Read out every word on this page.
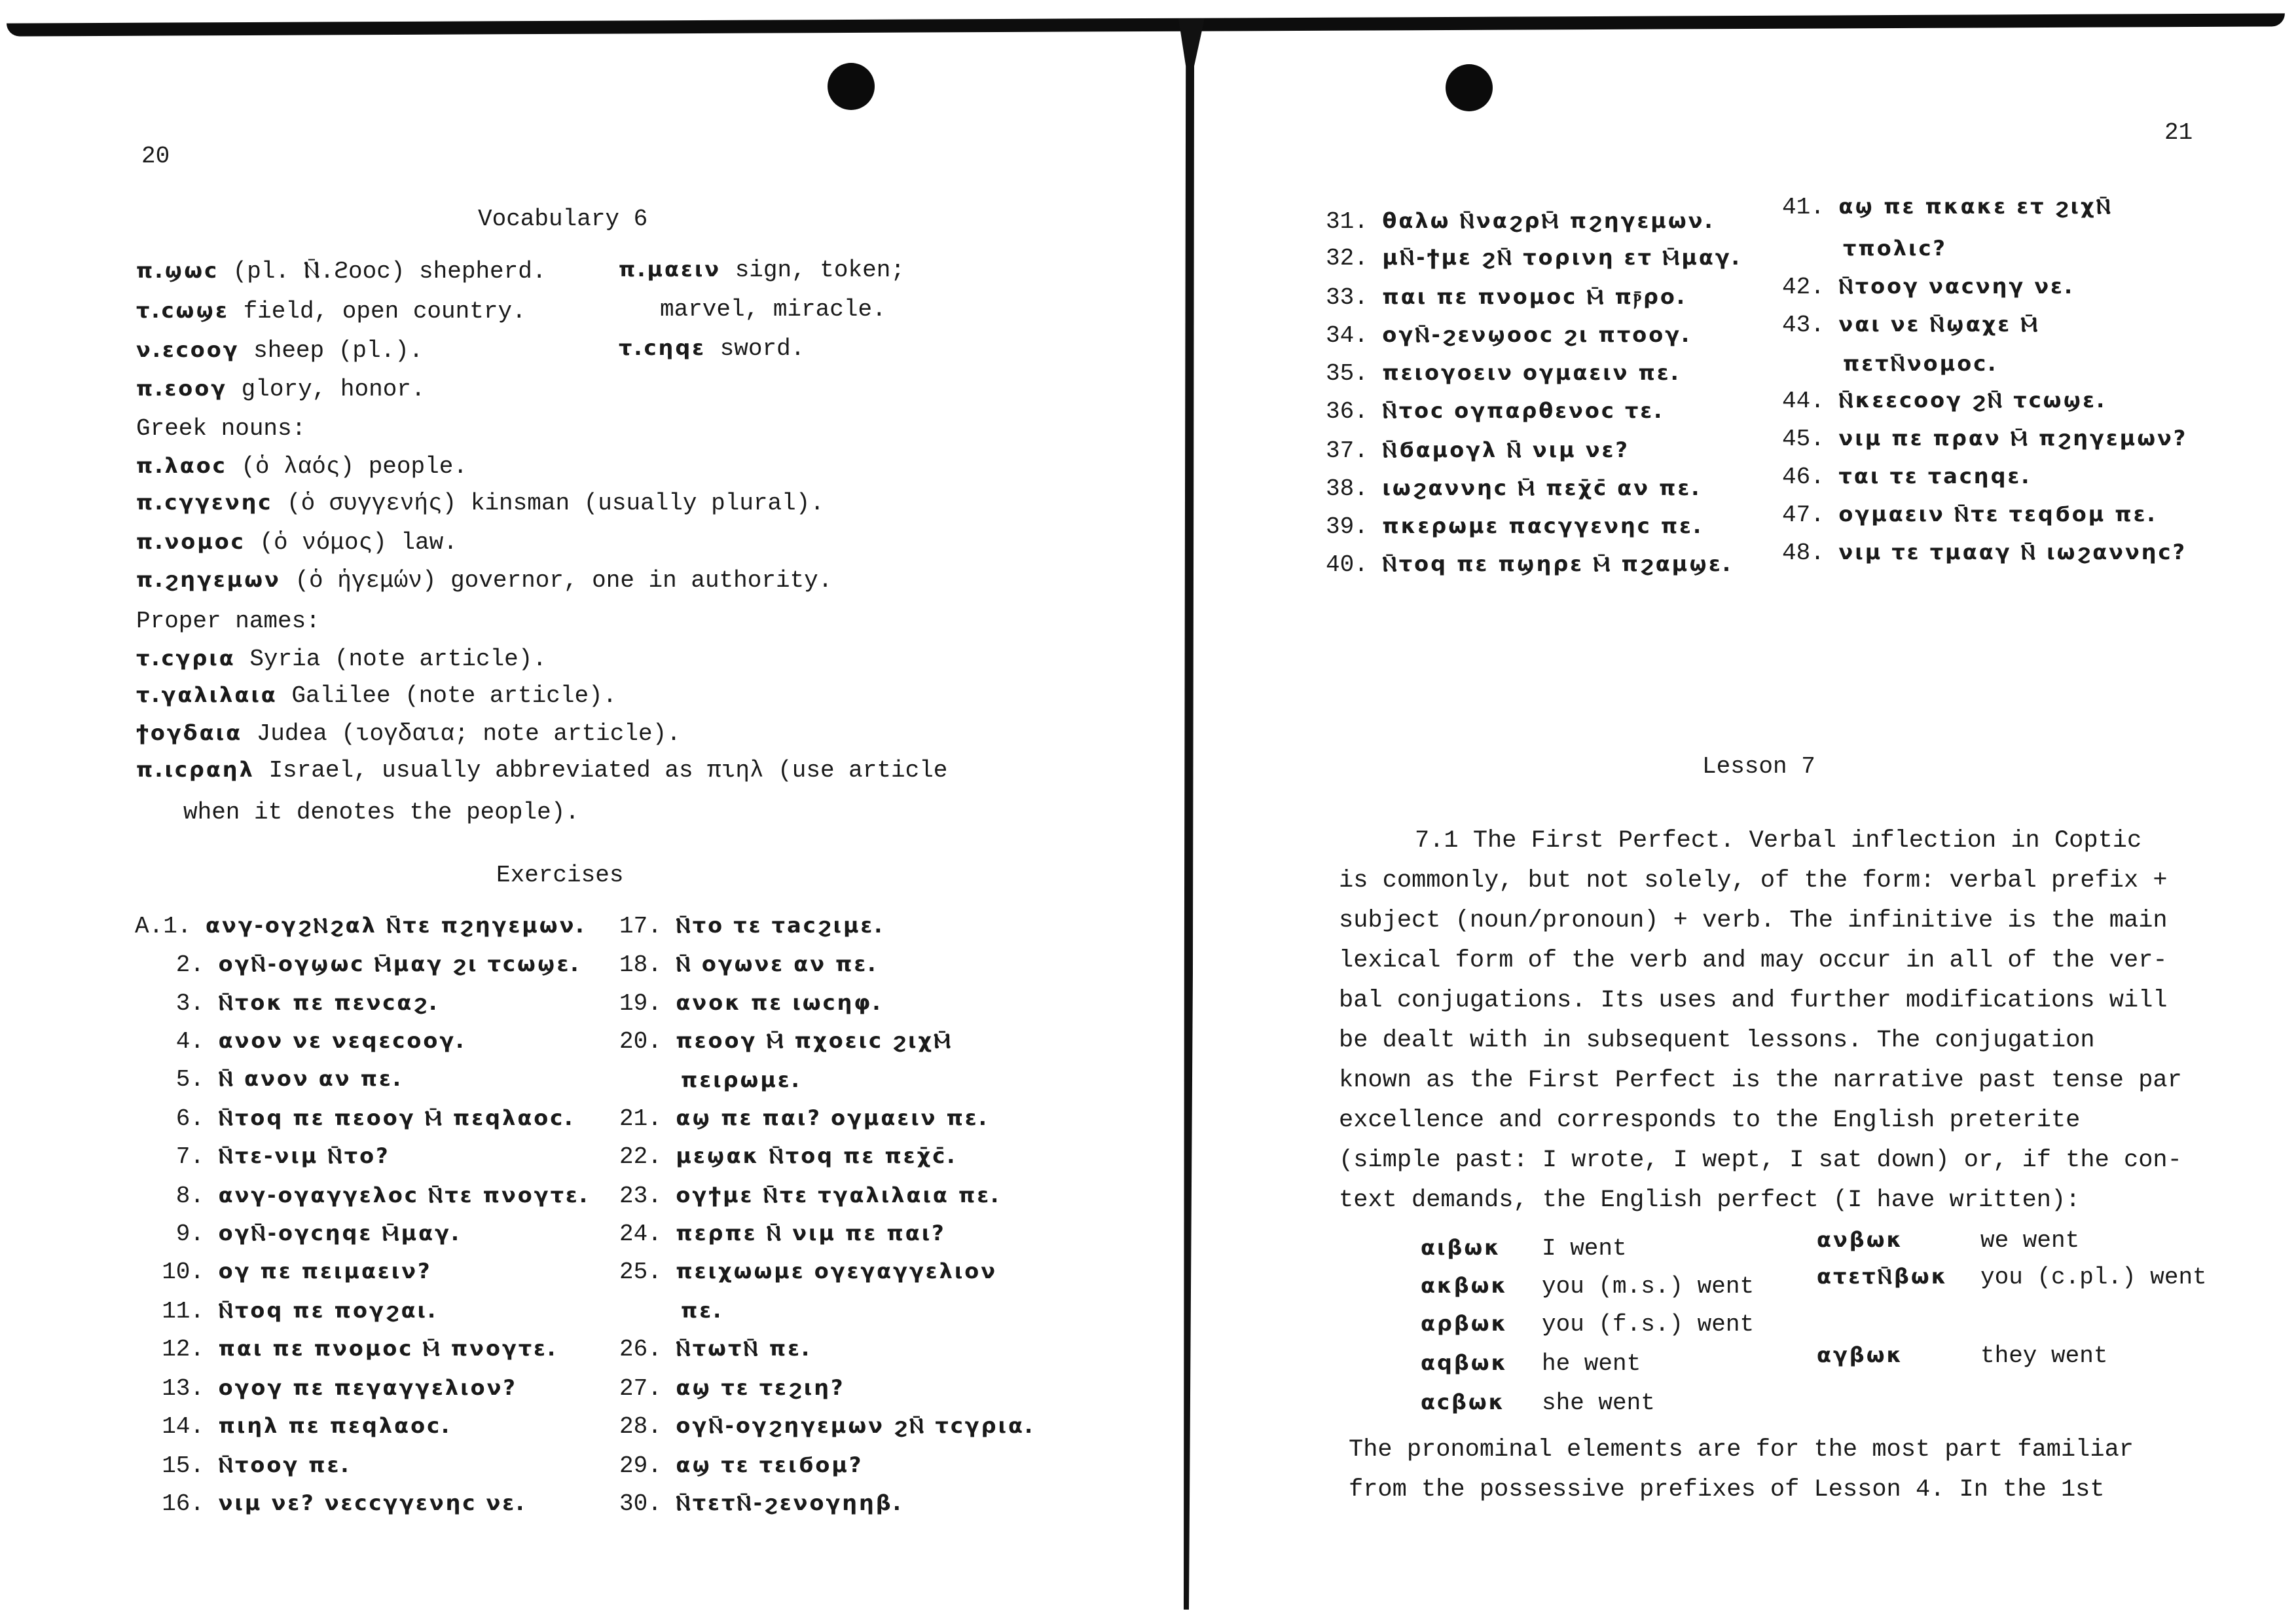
20
Vocabulary 6
π.ϣωc (pl. Ⲛ̄.ϩοοc) shepherd.
τ.cωϣε field, open country.
ν.εcοογ sheep (pl.).
π.εοογ glory, honor.
π.μαειν sign, token;
marvel, miracle.
τ.cηqε sword.
Greek nouns:
π.λαοc (ὁ λαός) people.
π.cγγενηc (ὁ συγγενής) kinsman (usually plural).
π.νομοc (ὁ νόμος) law.
π.ϩηγεμων (ὁ ἡγεμών) governor, one in authority.
Proper names:
τ.cγρια Syria (note article).
τ.γαλιλαια Galilee (note article).
ϯογδαια Judea (ιογδαια; note article).
π.ιcραηλ Israel, usually abbreviated as πιηλ (use article
when it denotes the people).
Exercises
A.1. ανγ-ογϩⲚϩαλ Ⲛ̄τε πϩηγεμων.
2. ογⲚ̄-ογϣωc Ⲙ̄μαγ ϩι τcωϣε.
3. Ⲛ̄τοκ πε πενcαϩ.
4. ανον νε νεqεcοογ.
5. Ⲛ̄ ανον αν πε.
6. Ⲛ̄τοq πε πεοογ Ⲙ̄ πεqλαοc.
7. Ⲛ̄τε-νιμ Ⲛ̄το?
8. ανγ-ογαγγελοc Ⲛ̄τε πνογτε.
9. ογⲚ̄-ογcηqε Ⲙ̄μαγ.
10. ογ πε πειμαειν?
11. Ⲛ̄τοq πε πογϩαι.
12. παι πε πνομοc Ⲙ̄ πνογτε.
13. ογογ πε πεγαγγελιον?
14. πιηλ πε πεqλαοc.
15. Ⲛ̄τοογ πε.
16. νιμ νε? νεccγγενηc νε.
17. Ⲛ̄το τε τacϩιμε.
18. Ⲛ̄ ογωνε αν πε.
19. ανοκ πε ιωcηφ.
20. πεοογ Ⲙ̄ πχοειc ϩιχⲘ̄
πειρωμε.
21. αϣ πε παι? ογμαειν πε.
22. μεϣακ Ⲛ̄τοq πε πεχ̄c̄.
23. ογϯμε Ⲛ̄τε τγαλιλαια πε.
24. περπε Ⲛ̄ νιμ πε παι?
25. πειχωωμε ογεγαγγελιον
πε.
26. Ⲛ̄τωτⲚ̄ πε.
27. αϣ τε τεϩιη?
28. ογⲚ̄-ογϩηγεμων ϩⲚ̄ τcγρια.
29. αϣ τε τειϭομ?
30. Ⲛ̄τετⲚ̄-ϩενογηηβ.
21
31. θαλω Ⲛ̄ναϩρⲘ̄ πϩηγεμων.
32. μⲚ̄-ϯμε ϩⲚ̄ τορινη ετ Ⲙ̄μαγ.
33. παι πε πνομοc Ⲙ̄ πⲣ̄ρο.
34. ογⲚ̄-ϩενϣοοc ϩι πτοογ.
35. πειογοειν ογμαειν πε.
36. Ⲛ̄τοc ογπαρθενοc τε.
37. Ⲛ̄ϭαμογλ Ⲛ̄ νιμ νε?
38. ιωϩαννηc Ⲙ̄ πεχ̄c̄ αν πε.
39. πκερωμε παcγγενηc πε.
40. Ⲛ̄τοq πε πϣηρε Ⲙ̄ πϩαμϣε.
41. αϣ πε πκακε ετ ϩιχⲚ̄
τπολιc?
42. Ⲛ̄τοογ ναcνηγ νε.
43. ναι νε Ⲛ̄ϣαχε Ⲙ̄
πετⲚ̄νομοc.
44. Ⲛ̄κεεcοογ ϩⲚ̄ τcωϣε.
45. νιμ πε πραν Ⲙ̄ πϩηγεμων?
46. ται τε τacηqε.
47. ογμαειν Ⲛ̄τε τεqϭομ πε.
48. νιμ τε τμααγ Ⲛ̄ ιωϩαννηc?
Lesson 7

7.1 The First Perfect. Verbal inflection in Coptic

is commonly, but not solely, of the form: verbal prefix +

subject (noun/pronoun) + verb. The infinitive is the main

lexical form of the verb and may occur in all of the ver-

bal conjugations. Its uses and further modifications will

be dealt with in subsequent lessons. The conjugation

known as the First Perfect is the narrative past tense par

excellence and corresponds to the English preterite

(simple past: I wrote, I wept, I sat down) or, if the con-

text demands, the English perfect (I have written):

αιβωκ I went
ακβωκ you (m.s.) went
αρβωκ you (f.s.) went
αqβωκ he went
αcβωκ she went
ανβωκ	we went
ατετⲚ̄βωκ you (c.pl.) went
αγβωκ	they went

The pronominal elements are for the most part familiar

from the possessive prefixes of Lesson 4. In the 1st
